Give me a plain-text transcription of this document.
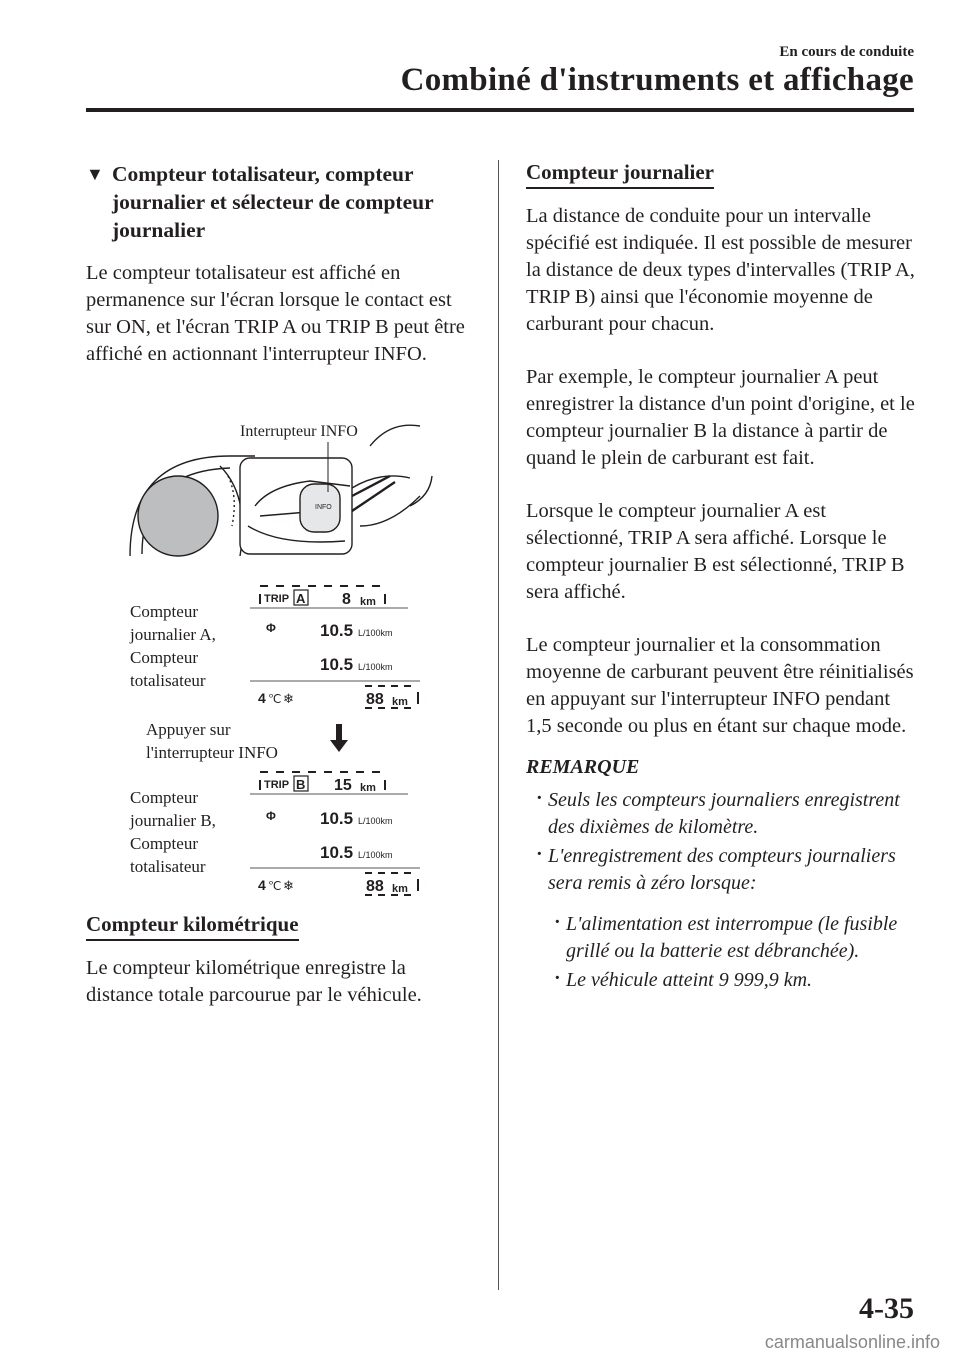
En cours de conduite
Combiné d'instruments et affichage
▼ Compteur totalisateur, compteur
journalier et sélecteur de compteur
journalier

Le compteur totalisateur est affiché en permanence sur l'écran lorsque le contact est sur ON, et l'écran TRIP A ou TRIP B peut être affiché en actionnant l'interrupteur INFO.

INFO
TRIP A 8 km
Φ	10.5 L/100km
10.5 L/100km
4 ℃ ❄	88 km
TRIP B 15 km
Φ	10.5 L/100km
10.5 L/100km
4 ℃ ❄	88 km
Interrupteur INFO
Compteur
journalier A,
Compteur
totalisateur
Appuyer sur
l'interrupteur INFO
Compteur
journalier B,
Compteur
totalisateur
Compteur kilométrique

Le compteur kilométrique enregistre la distance totale parcourue par le véhicule.

Compteur journalier

La distance de conduite pour un intervalle spécifié est indiquée. Il est possible de mesurer la distance de deux types d'intervalles (TRIP A, TRIP B) ainsi que l'économie moyenne de carburant pour chacun.

Par exemple, le compteur journalier A peut enregistrer la distance d'un point d'origine, et le compteur journalier B la distance à partir de quand le plein de carburant est fait.

Lorsque le compteur journalier A est sélectionné, TRIP A sera affiché. Lorsque le compteur journalier B est sélectionné, TRIP B sera affiché.

Le compteur journalier et la consommation moyenne de carburant peuvent être réinitialisés en appuyant sur l'interrupteur INFO pendant 1,5 seconde ou plus en étant sur chaque mode.

REMARQUE
· Seuls les compteurs journaliers enregistrent des dixièmes de kilomètre.
· L'enregistrement des compteurs journaliers sera remis à zéro lorsque:
· L'alimentation est interrompue (le fusible grillé ou la batterie est débranchée).
· Le véhicule atteint 9 999,9 km.
4-35
carmanualsonline.info
